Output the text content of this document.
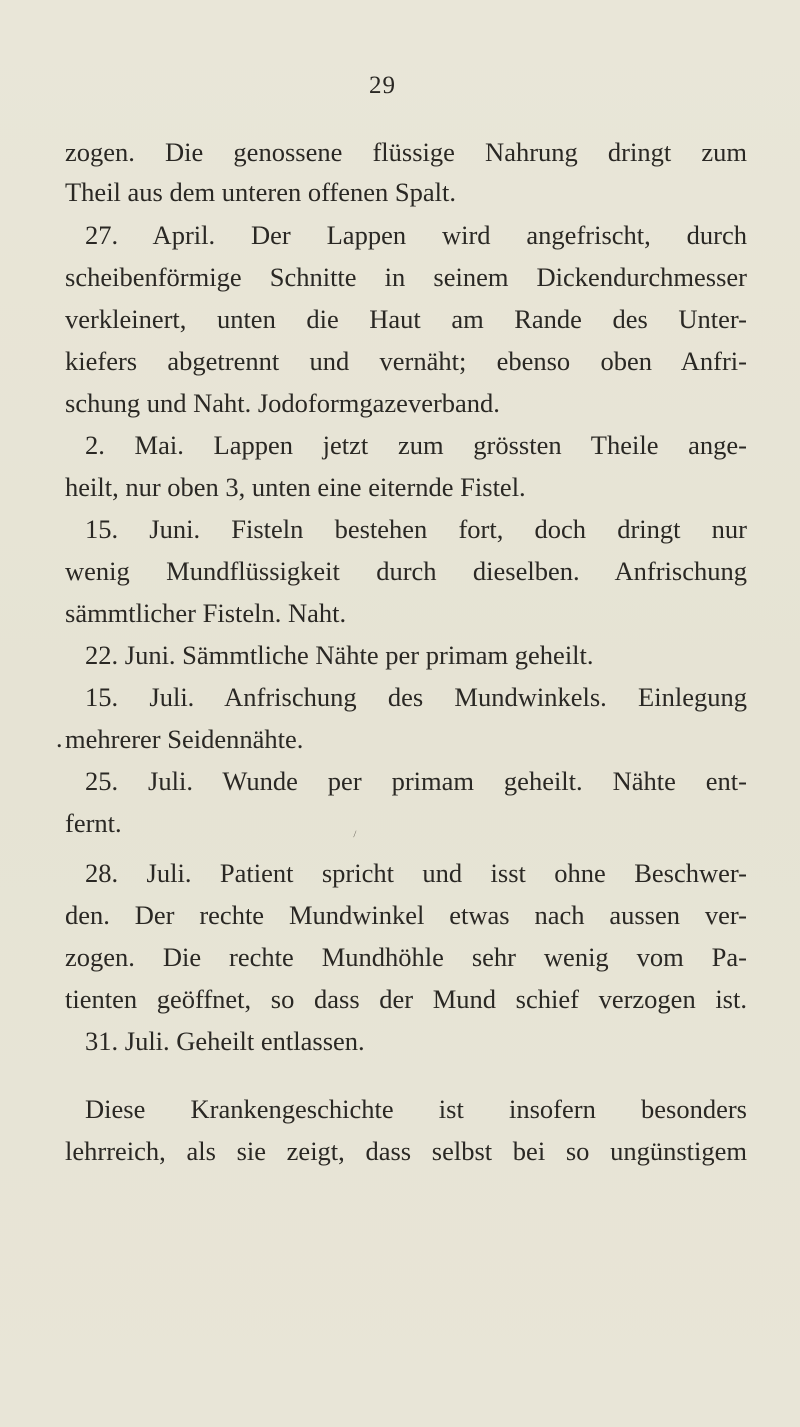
29
zogen. Die genossene flüssige Nahrung dringt zum
Theil aus dem unteren offenen Spalt.
27. April. Der Lappen wird angefrischt, durch
scheibenförmige Schnitte in seinem Dickendurchmesser
verkleinert, unten die Haut am Rande des Unter-
kiefers abgetrennt und vernäht; ebenso oben Anfri-
schung und Naht. Jodoformgazeverband.
2. Mai. Lappen jetzt zum grössten Theile ange-
heilt, nur oben 3, unten eine eiternde Fistel.
15. Juni. Fisteln bestehen fort, doch dringt nur
wenig Mundflüssigkeit durch dieselben. Anfrischung
sämmtlicher Fisteln. Naht.
22. Juni. Sämmtliche Nähte per primam geheilt.
15. Juli. Anfrischung des Mundwinkels. Einlegung
. mehrerer Seidennähte.
25. Juli. Wunde per primam geheilt. Nähte ent-
fernt.
28. Juli. Patient spricht und isst ohne Beschwer-
den. Der rechte Mundwinkel etwas nach aussen ver-
zogen. Die rechte Mundhöhle sehr wenig vom Pa-
tienten geöffnet, so dass der Mund schief verzogen ist.
31. Juli. Geheilt entlassen.
Diese Krankengeschichte ist insofern besonders
lehrreich, als sie zeigt, dass selbst bei so ungünstigem
\
